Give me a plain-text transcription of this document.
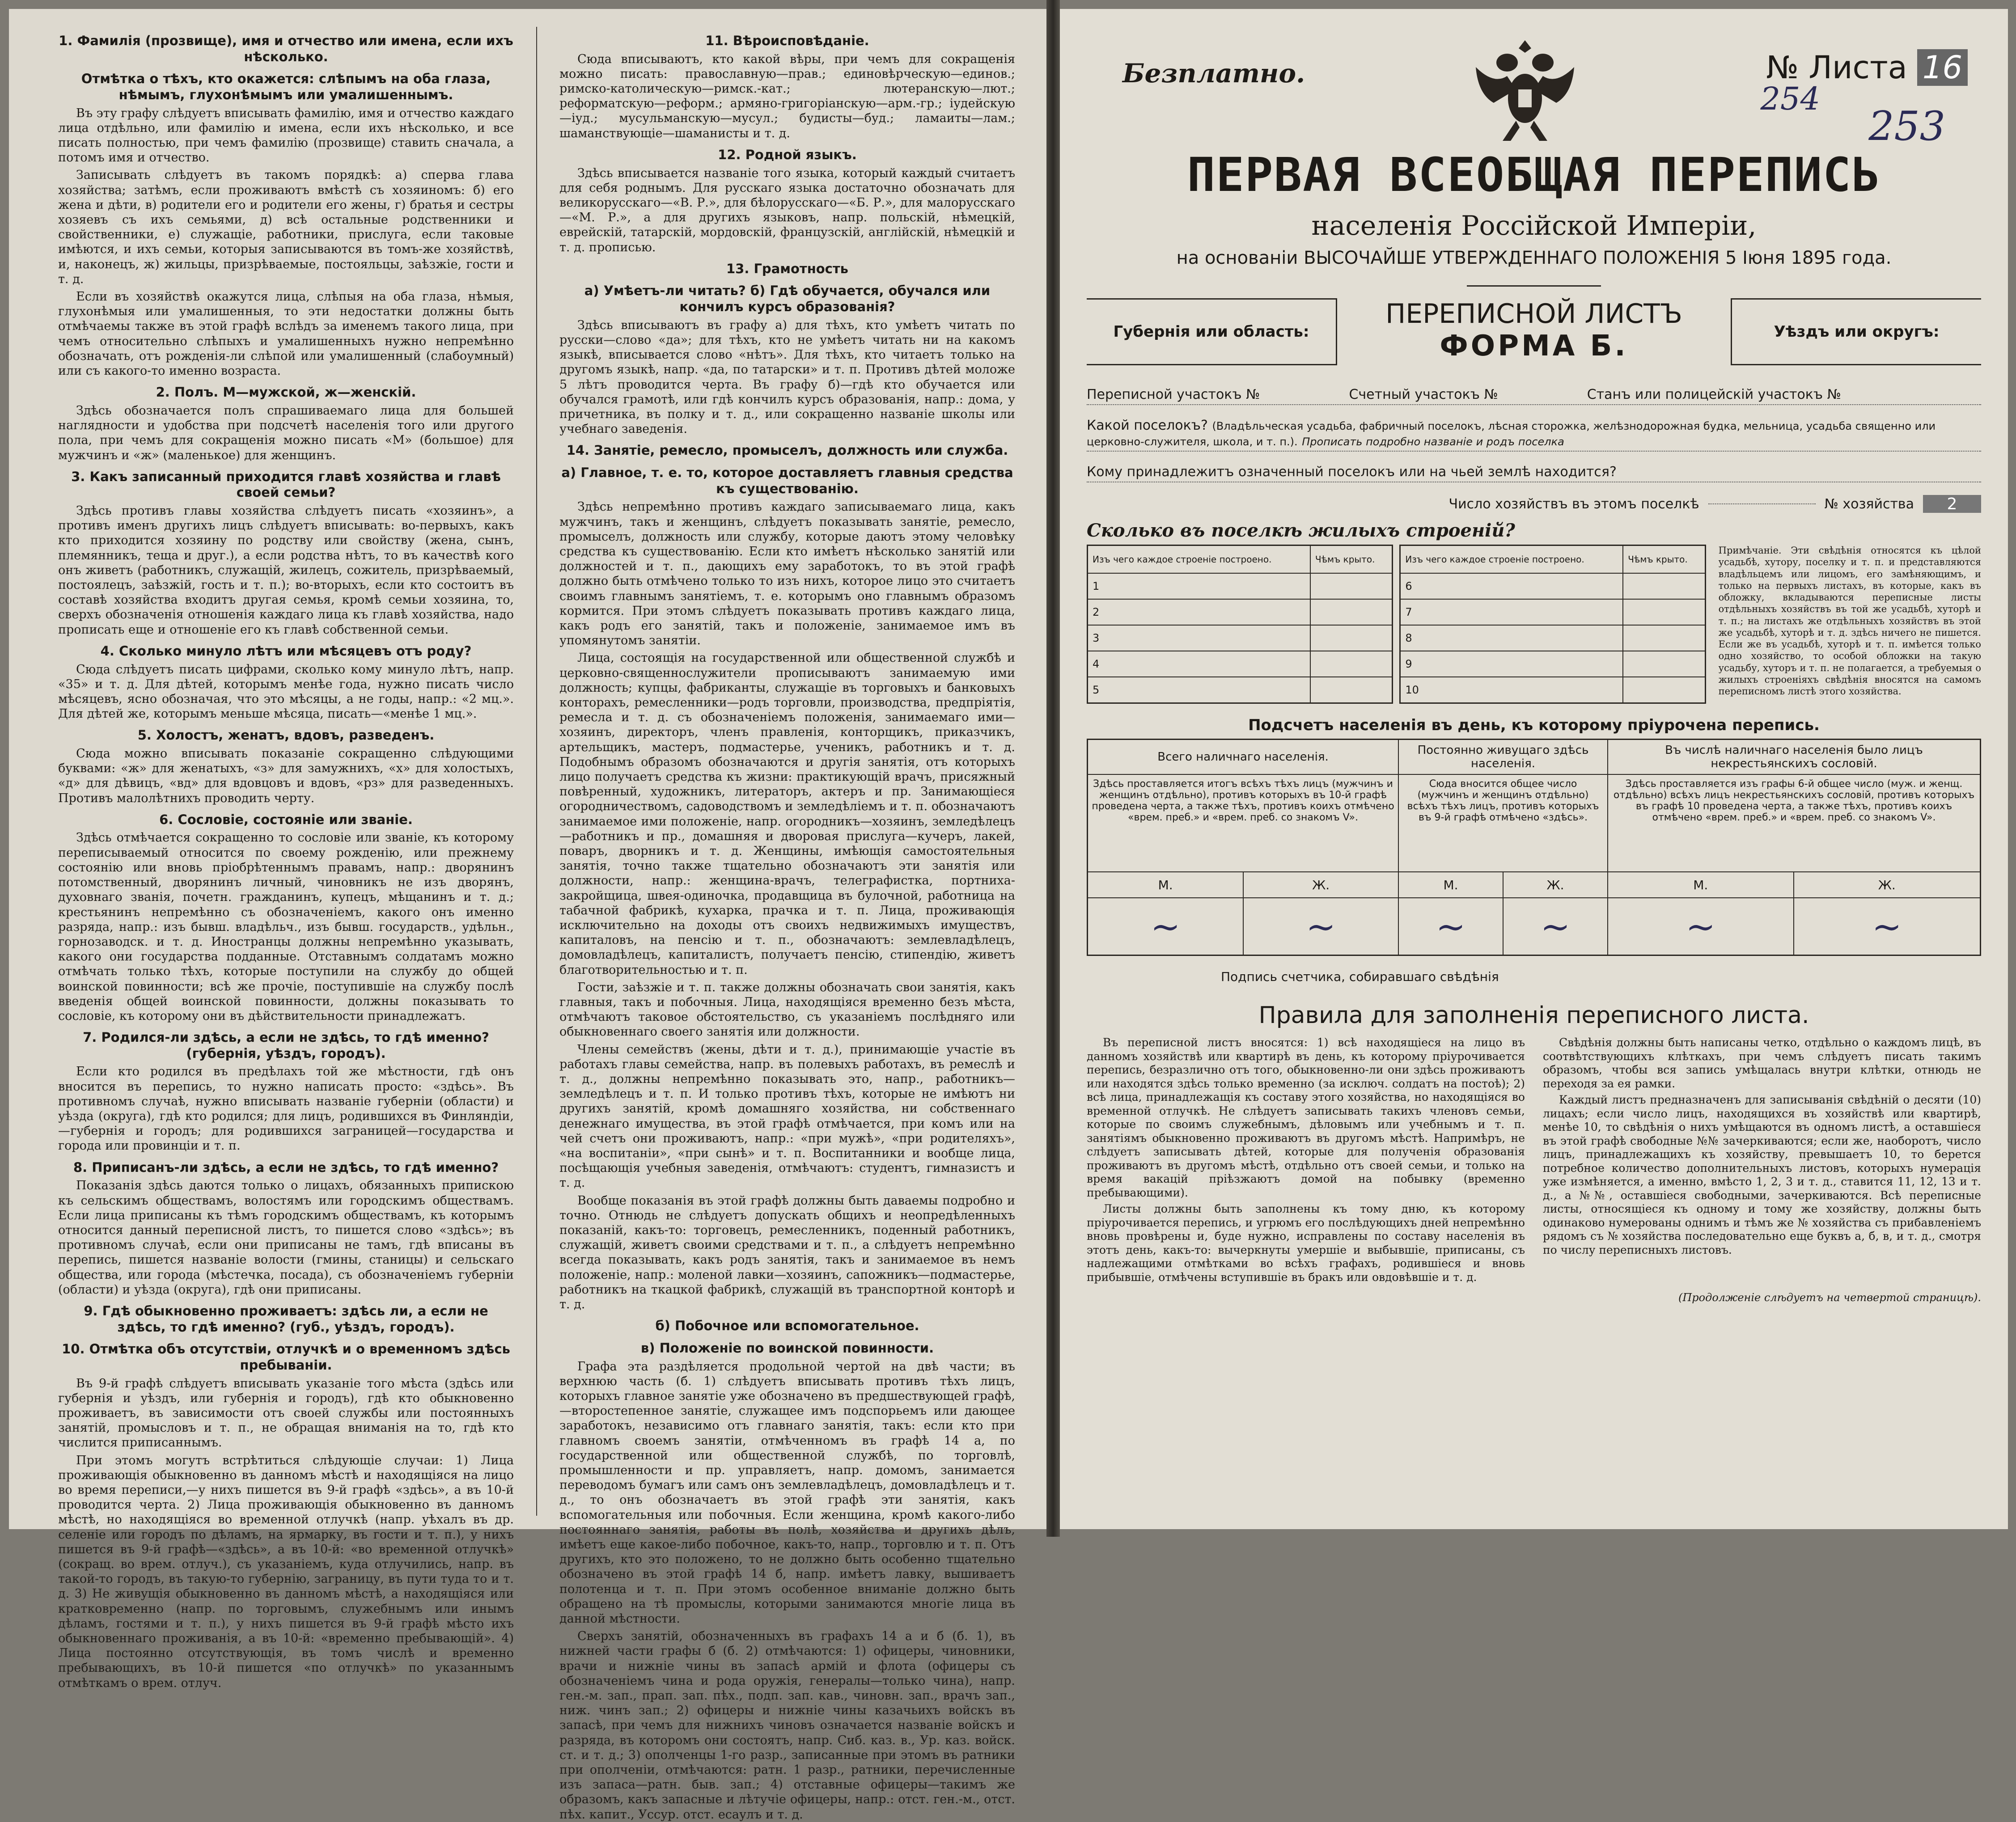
1. Фамилія (прозвище), имя и отчество или имена, если ихъ нѣсколько.
Отмѣтка о тѣхъ, кто окажется: слѣпымъ на оба глаза, нѣмымъ, глухонѣмымъ или умалишеннымъ.

Въ эту графу слѣдуетъ вписывать фамилію, имя и отчество каждаго лица отдѣльно, или фамилію и имена, если ихъ нѣсколько, и все писать полностью, при чемъ фамилію (прозвище) ставить сначала, а потомъ имя и отчество.

Записывать слѣдуетъ въ такомъ порядкѣ: а) сперва глава хозяйства; затѣмъ, если проживаютъ вмѣстѣ съ хозяиномъ: б) его жена и дѣти, в) родители его и родители его жены, г) братья и сестры хозяевъ съ ихъ семьями, д) всѣ остальные родственники и свойственники, е) служащіе, работники, прислуга, если таковые имѣются, и ихъ семьи, которыя записываются въ томъ-же хозяйствѣ, и, наконецъ, ж) жильцы, призрѣваемые, постояльцы, заѣзжіе, гости и т. д.

Если въ хозяйствѣ окажутся лица, слѣпыя на оба глаза, нѣмыя, глухонѣмыя или умалишенныя, то эти недостатки должны быть отмѣчаемы также въ этой графѣ вслѣдъ за именемъ такого лица, при чемъ относительно слѣпыхъ и умалишенныхъ нужно непремѣнно обозначать, отъ рожденія-ли слѣпой или умалишенный (слабоумный) или съ какого-то именно возраста.

2. Полъ. М—мужской, ж—женскій.

Здѣсь обозначается полъ спрашиваемаго лица для большей наглядности и удобства при подсчетѣ населенія того или другого пола, при чемъ для сокращенія можно писать «М» (большое) для мужчинъ и «ж» (маленькое) для женщинъ.

3. Какъ записанный приходится главѣ хозяйства и главѣ своей семьи?

Здѣсь противъ главы хозяйства слѣдуетъ писать «хозяинъ», а противъ именъ другихъ лицъ слѣдуетъ вписывать: во-первыхъ, какъ кто приходится хозяину по родству или свойству (жена, сынъ, племянникъ, теща и друг.), а если родства нѣтъ, то въ качествѣ кого онъ живетъ (работникъ, служащій, жилецъ, сожитель, призрѣваемый, постоялецъ, заѣзжій, гость и т. п.); во-вторыхъ, если кто состоитъ въ составѣ хозяйства входитъ другая семья, кромѣ семьи хозяина, то, сверхъ обозначенія отношенія каждаго лица къ главѣ хозяйства, надо прописать еще и отношеніе его къ главѣ собственной семьи.

4. Сколько минуло лѣтъ или мѣсяцевъ отъ роду?

Сюда слѣдуетъ писать цифрами, сколько кому минуло лѣтъ, напр. «35» и т. д. Для дѣтей, которымъ менѣе года, нужно писать число мѣсяцевъ, ясно обозначая, что это мѣсяцы, а не годы, напр.: «2 мц.». Для дѣтей же, которымъ меньше мѣсяца, писать—«менѣе 1 мц.».

5. Холостъ, женатъ, вдовъ, разведенъ.

Сюда можно вписывать показаніе сокращенно слѣдующими буквами: «ж» для женатыхъ, «з» для замужнихъ, «х» для холостыхъ, «д» для дѣвицъ, «вд» для вдовцовъ и вдовъ, «рз» для разведенныхъ. Противъ малолѣтнихъ проводить черту.

6. Сословіе, состояніе или званіе.

Здѣсь отмѣчается сокращенно то сословіе или званіе, къ которому переписываемый относится по своему рожденію, или прежнему состоянію или вновь пріобрѣтеннымъ правамъ, напр.: дворянинъ потомственный, дворянинъ личный, чиновникъ не изъ дворянъ, духовнаго званія, почетн. гражданинъ, купецъ, мѣщанинъ и т. д.; крестьянинъ непремѣнно съ обозначеніемъ, какого онъ именно разряда, напр.: изъ бывш. владѣльч., изъ бывш. государств., удѣльн., горнозаводск. и т. д. Иностранцы должны непремѣнно указывать, какого они государства подданные. Отставнымъ солдатамъ можно отмѣчать только тѣхъ, которые поступили на службу до общей воинской повинности; всѣ же прочіе, поступившіе на службу послѣ введенія общей воинской повинности, должны показывать то сословіе, къ которому они въ дѣйствительности принадлежатъ.

7. Родился-ли здѣсь, а если не здѣсь, то гдѣ именно? (губернія, уѣздъ, городъ).

Если кто родился въ предѣлахъ той же мѣстности, гдѣ онъ вносится въ перепись, то нужно написать просто: «здѣсь». Въ противномъ случаѣ, нужно вписывать названіе губерніи (области) и уѣзда (округа), гдѣ кто родился; для лицъ, родившихся въ Финляндіи,—губернія и городъ; для родившихся заграницей—государства и города или провинціи и т. п.

8. Приписанъ-ли здѣсь, а если не здѣсь, то гдѣ именно?

Показанія здѣсь даются только о лицахъ, обязанныхъ припискою къ сельскимъ обществамъ, волостямъ или городскимъ обществамъ. Если лица приписаны къ тѣмъ городскимъ обществамъ, къ которымъ относится данный переписной листъ, то пишется слово «здѣсь»; въ противномъ случаѣ, если они приписаны не тамъ, гдѣ вписаны въ перепись, пишется названіе волости (гмины, станицы) и сельскаго общества, или города (мѣстечка, посада), съ обозначеніемъ губерніи (области) и уѣзда (округа), гдѣ они приписаны.

9. Гдѣ обыкновенно проживаетъ: здѣсь ли, а если не здѣсь, то гдѣ именно? (губ., уѣздъ, городъ).
10. Отмѣтка объ отсутствіи, отлучкѣ и о временномъ здѣсь пребываніи.

Въ 9-й графѣ слѣдуетъ вписывать указаніе того мѣста (здѣсь или губернія и уѣздъ, или губернія и городъ), гдѣ кто обыкновенно проживаетъ, въ зависимости отъ своей службы или постоянныхъ занятій, промысловъ и т. п., не обращая вниманія на то, гдѣ кто числится приписаннымъ.

При этомъ могутъ встрѣтиться слѣдующіе случаи: 1) Лица проживающія обыкновенно въ данномъ мѣстѣ и находящіяся на лицо во время переписи,—у нихъ пишется въ 9-й графѣ «здѣсь», а въ 10-й проводится черта. 2) Лица проживающія обыкновенно въ данномъ мѣстѣ, но находящіяся во временной отлучкѣ (напр. уѣхалъ въ др. селеніе или городъ по дѣламъ, на ярмарку, въ гости и т. п.), у нихъ пишется въ 9-й графѣ—«здѣсь», а въ 10-й: «во временной отлучкѣ» (сокращ. во врем. отлуч.), съ указаніемъ, куда отлучились, напр. въ такой-то городъ, въ такую-то губернію, заграницу, въ пути туда то и т. д. 3) Не живущія обыкновенно въ данномъ мѣстѣ, а находящіяся или кратковременно (напр. по торговымъ, служебнымъ или инымъ дѣламъ, гостями и т. п.), у нихъ пишется въ 9-й графѣ мѣсто ихъ обыкновеннаго проживанія, а въ 10-й: «временно пребывающій». 4) Лица постоянно отсутствующія, въ томъ числѣ и временно пребывающихъ, въ 10-й пишется «по отлучкѣ» по указаннымъ отмѣткамъ о врем. отлуч.

11. Вѣроисповѣданіе.

Сюда вписываютъ, кто какой вѣры, при чемъ для сокращенія можно писать: православную—прав.; единовѣрческую—единов.; римско-католическую—римск.-кат.; лютеранскую—лют.; реформатскую—реформ.; армяно-григоріанскую—арм.-гр.; іудейскую—іуд.; мусульманскую—мусул.; будисты—буд.; ламаиты—лам.; шаманствующіе—шаманисты и т. д.

12. Родной языкъ.

Здѣсь вписывается названіе того языка, который каждый считаетъ для себя роднымъ. Для русскаго языка достаточно обозначать для великорусскаго—«В. Р.», для бѣлорусскаго—«Б. Р.», для малорусскаго—«М. Р.», а для другихъ языковъ, напр. польскій, нѣмецкій, еврейскій, татарскій, мордовскій, французскій, англійскій, нѣмецкій и т. д. прописью.

13. Грамотность
а) Умѣетъ-ли читать? б) Гдѣ обучается, обучался или кончилъ курсъ образованія?

Здѣсь вписываютъ въ графу а) для тѣхъ, кто умѣетъ читать по русски—слово «да»; для тѣхъ, кто не умѣетъ читать ни на какомъ языкѣ, вписывается слово «нѣтъ». Для тѣхъ, кто читаетъ только на другомъ языкѣ, напр. «да, по татарски» и т. п. Противъ дѣтей моложе 5 лѣтъ проводится черта. Въ графу б)—гдѣ кто обучается или обучался грамотѣ, или гдѣ кончилъ курсъ образованія, напр.: дома, у причетника, въ полку и т. д., или сокращенно названіе школы или учебнаго заведенія.

14. Занятіе, ремесло, промыселъ, должность или служба.
а) Главное, т. е. то, которое доставляетъ главныя средства къ существованію.

Здѣсь непремѣнно противъ каждаго записываемаго лица, какъ мужчинъ, такъ и женщинъ, слѣдуетъ показывать занятіе, ремесло, промыселъ, должность или службу, которые даютъ этому человѣку средства къ существованію. Если кто имѣетъ нѣсколько занятій или должностей и т. п., дающихъ ему заработокъ, то въ этой графѣ должно быть отмѣчено только то изъ нихъ, которое лицо это считаетъ своимъ главнымъ занятіемъ, т. е. которымъ оно главнымъ образомъ кормится. При этомъ слѣдуетъ показывать противъ каждаго лица, какъ родъ его занятій, такъ и положеніе, занимаемое имъ въ упомянутомъ занятіи.

Лица, состоящія на государственной или общественной службѣ и церковно-священнослужители прописываютъ занимаемую ими должность; купцы, фабриканты, служащіе въ торговыхъ и банковыхъ конторахъ, ремесленники—родъ торговли, производства, предпріятія, ремесла и т. д. съ обозначеніемъ положенія, занимаемаго ими—хозяинъ, директоръ, членъ правленія, конторщикъ, приказчикъ, артельщикъ, мастеръ, подмастерье, ученикъ, работникъ и т. д. Подобнымъ образомъ обозначаются и другія занятія, отъ которыхъ лицо получаетъ средства къ жизни: практикующій врачъ, присяжный повѣренный, художникъ, литераторъ, актеръ и пр. Занимающіеся огородничествомъ, садоводствомъ и земледѣліемъ и т. п. обозначаютъ занимаемое ими положеніе, напр. огородникъ—хозяинъ, земледѣлецъ—работникъ и пр., домашняя и дворовая прислуга—кучеръ, лакей, поваръ, дворникъ и т. д. Женщины, имѣющія самостоятельныя занятія, точно также тщательно обозначаютъ эти занятія или должности, напр.: женщина-врачъ, телеграфистка, портниха-закройщица, швея-одиночка, продавщица въ булочной, работница на табачной фабрикѣ, кухарка, прачка и т. п. Лица, проживающія исключительно на доходы отъ своихъ недвижимыхъ имуществъ, капиталовъ, на пенсію и т. п., обозначаютъ: землевладѣлецъ, домовладѣлецъ, капиталистъ, получаетъ пенсію, стипендію, живетъ благотворительностью и т. п.

Гости, заѣзжіе и т. п. также должны обозначать свои занятія, какъ главныя, такъ и побочныя. Лица, находящіяся временно безъ мѣста, отмѣчаютъ таковое обстоятельство, съ указаніемъ послѣдняго или обыкновеннаго своего занятія или должности.

Члены семействъ (жены, дѣти и т. д.), принимающіе участіе въ работахъ главы семейства, напр. въ полевыхъ работахъ, въ ремеслѣ и т. д., должны непремѣнно показывать это, напр., работникъ—земледѣлецъ и т. п. И только противъ тѣхъ, которые не имѣютъ ни другихъ занятій, кромѣ домашняго хозяйства, ни собственнаго денежнаго имущества, въ этой графѣ отмѣчается, при комъ или на чей счетъ они проживаютъ, напр.: «при мужѣ», «при родителяхъ», «на воспитаніи», «при сынѣ» и т. п. Воспитанники и вообще лица, посѣщающія учебныя заведенія, отмѣчаютъ: студентъ, гимназистъ и т. д.

Вообще показанія въ этой графѣ должны быть даваемы подробно и точно. Отнюдь не слѣдуетъ допускать общихъ и неопредѣленныхъ показаній, какъ-то: торговецъ, ремесленникъ, поденный работникъ, служащій, живетъ своими средствами и т. п., а слѣдуетъ непремѣнно всегда показывать, какъ родъ занятія, такъ и занимаемое въ немъ положеніе, напр.: моленой лавки—хозяинъ, сапожникъ—подмастерье, работникъ на ткацкой фабрикѣ, служащій въ транспортной конторѣ и т. д.

б) Побочное или вспомогательное.
в) Положеніе по воинской повинности.

Графа эта раздѣляется продольной чертой на двѣ части; въ верхнюю часть (б. 1) слѣдуетъ вписывать противъ тѣхъ лицъ, которыхъ главное занятіе уже обозначено въ предшествующей графѣ,—второстепенное занятіе, служащее имъ подспорьемъ или дающее заработокъ, независимо отъ главнаго занятія, такъ: если кто при главномъ своемъ занятіи, отмѣченномъ въ графѣ 14 а, по государственной или общественной службѣ, по торговлѣ, промышленности и пр. управляетъ, напр. домомъ, занимается переводомъ бумагъ или самъ онъ землевладѣлецъ, домовладѣлецъ и т. д., то онъ обозначаетъ въ этой графѣ эти занятія, какъ вспомогательныя или побочныя. Если женщина, кромѣ какого-либо постояннаго занятія, работы въ полѣ, хозяйства и другихъ дѣлъ, имѣетъ еще какое-либо побочное, какъ-то, напр., торговлю и т. п. Отъ другихъ, кто это положено, то не должно быть особенно тщательно обозначено въ этой графѣ 14 б, напр. имѣетъ лавку, вышиваетъ полотенца и т. п. При этомъ особенное вниманіе должно быть обращено на тѣ промыслы, которыми занимаются многіе лица въ данной мѣстности.

Сверхъ занятій, обозначенныхъ въ графахъ 14 а и б (б. 1), въ нижней части графы б (б. 2) отмѣчаются: 1) офицеры, чиновники, врачи и нижніе чины въ запасѣ армій и флота (офицеры съ обозначеніемъ чина и рода оружія, генералы—только чина), напр. ген.-м. зап., прап. зап. пѣх., подп. зап. кав., чиновн. зап., врачъ зап., ниж. чинъ зап.; 2) офицеры и нижніе чины казачьихъ войскъ въ запасѣ, при чемъ для нижнихъ чиновъ означается названіе войскъ и разряда, въ которомъ они состоятъ, напр. Сиб. каз. в., Ур. каз. войск. ст. и т. д.; 3) ополченцы 1-го разр., записанные при этомъ въ ратники при ополченіи, отмѣчаются: ратн. 1 разр., ратники, перечисленные изъ запаса—ратн. быв. зап.; 4) отставные офицеры—такимъ же образомъ, какъ запасные и лѣтучіе офицеры, напр.: отст. ген.-м., отст. пѣх. капит., Уссур. отст. есаулъ и т. д.

Безплатно.	№ Листа 16
254
253
ПЕРВАЯ ВСЕОБЩАЯ ПЕРЕПИСЬ
населенія Россійской Имперіи,
на основаніи ВЫСОЧАЙШЕ УТВЕРЖДЕННАГО ПОЛОЖЕНІЯ 5 Іюня 1895 года.
Губернія или область:
ПЕРЕПИСНОЙ ЛИСТЪ
ФОРМА Б.	Уѣздъ или округъ:
Переписной участокъ №	Счетный участокъ №	Станъ или полицейскій участокъ №
Какой поселокъ? (Владѣльческая усадьба, фабричный поселокъ, лѣсная сторожка, желѣзнодорожная будка, мельница, усадьба священно или церковно-служителя, школа, и т. п.). Прописать подробно названіе и родъ поселка
Кому принадлежитъ означенный поселокъ или на чьей землѣ находится?
Число хозяйствъ въ этомъ поселкѣ	№ хозяйства	2
Сколько въ поселкѣ жилыхъ строеній?
Изъ чего каждое строеніе построено.	Чѣмъ крыто.
1	
2	
3	
4	
5	
Изъ чего каждое строеніе построено.	Чѣмъ крыто.
6	
7	
8	
9	
10	
Примѣчаніе. Эти свѣдѣнія относятся къ цѣлой усадьбѣ, хутору, поселку и т. п. и представляются владѣльцемъ или лицомъ, его замѣняющимъ, и только на первыхъ листахъ, въ которые, какъ въ обложку, вкладываются переписные листы отдѣльныхъ хозяйствъ въ той же усадьбѣ, хуторѣ и т. п.; на листахъ же отдѣльныхъ хозяйствъ въ этой же усадьбѣ, хуторѣ и т. д. здѣсь ничего не пишется. Если же въ усадьбѣ, хуторѣ и т. п. имѣется только одно хозяйство, то особой обложки на такую усадьбу, хуторъ и т. п. не полагается, а требуемыя о жилыхъ строеніяхъ свѣдѣнія вносятся на самомъ переписномъ листѣ этого хозяйства.
Подсчетъ населенія въ день, къ которому пріурочена перепись.
Всего наличнаго населенія.		Постоянно живущаго здѣсь населенія.		Въ числѣ наличнаго населенія было лицъ некрестьянскихъ сословій.	
Здѣсь проставляется итогъ всѣхъ тѣхъ лицъ (мужчинъ и женщинъ отдѣльно), противъ которыхъ въ 10-й графѣ проведена черта, а также тѣхъ, противъ коихъ отмѣчено «врем. преб.» и «врем. преб. со знакомъ V».		Сюда вносится общее число (мужчинъ и женщинъ отдѣльно) всѣхъ тѣхъ лицъ, противъ которыхъ въ 9-й графѣ отмѣчено «здѣсь».		Здѣсь проставляется изъ графы 6-й общее число (муж. и женщ. отдѣльно) всѣхъ лицъ некрестьянскихъ сословій, противъ которыхъ въ графѣ 10 проведена черта, а также тѣхъ, противъ коихъ отмѣчено «врем. преб.» и «врем. преб. со знакомъ V».	
М.	Ж.	М.	Ж.	М.	Ж.
~	~	~	~	~	~
Подпись счетчика, собиравшаго свѣдѣнія
Правила для заполненія переписного листа.

Въ переписной листъ вносятся: 1) всѣ находящіеся на лицо въ данномъ хозяйствѣ или квартирѣ въ день, къ которому пріурочивается перепись, безразлично отъ того, обыкновенно-ли они здѣсь проживаютъ или находятся здѣсь только временно (за исключ. солдатъ на постоѣ); 2) всѣ лица, принадлежащія къ составу этого хозяйства, но находящіяся во временной отлучкѣ. Не слѣдуетъ записывать такихъ членовъ семьи, которые по своимъ служебнымъ, дѣловымъ или учебнымъ и т. п. занятіямъ обыкновенно проживаютъ въ другомъ мѣстѣ. Напримѣръ, не слѣдуетъ записывать дѣтей, которые для полученія образованія проживаютъ въ другомъ мѣстѣ, отдѣльно отъ своей семьи, и только на время вакацій пріѣзжаютъ домой на побывку (временно пребывающими).

Листы должны быть заполнены къ тому дню, къ которому пріурочивается перепись, и угрюмъ его послѣдующихъ дней непремѣнно вновь провѣрены и, буде нужно, исправлены по составу населенія въ этотъ день, какъ-то: вычеркнуты умершіе и выбывшіе, приписаны, съ надлежащими отмѣтками во всѣхъ графахъ, родившіеся и вновь прибывшіе, отмѣчены вступившіе въ бракъ или овдовѣвшіе и т. д.

Свѣдѣнія должны быть написаны четко, отдѣльно о каждомъ лицѣ, въ соотвѣтствующихъ клѣткахъ, при чемъ слѣдуетъ писать такимъ образомъ, чтобы вся запись умѣщалась внутри клѣтки, отнюдь не переходя за ея рамки.

Каждый листъ предназначенъ для записыванія свѣдѣній о десяти (10) лицахъ; если число лицъ, находящихся въ хозяйствѣ или квартирѣ, менѣе 10, то свѣдѣнія о нихъ умѣщаются въ одномъ листѣ, а оставшіеся въ этой графѣ свободные №№ зачеркиваются; если же, наоборотъ, число лицъ, принадлежащихъ къ хозяйству, превышаетъ 10, то берется потребное количество дополнительныхъ листовъ, которыхъ нумерація уже измѣняется, а именно, вмѣсто 1, 2, 3 и т. д., ставится 11, 12, 13 и т. д., а №№, оставшіеся свободными, зачеркиваются. Всѣ переписные листы, относящіеся къ одному и тому же хозяйству, должны быть одинаково нумерованы однимъ и тѣмъ же № хозяйства съ прибавленіемъ рядомъ съ № хозяйства последовательно еще буквъ а, б, в, и т. д., смотря по числу переписныхъ листовъ.

(Продолженіе слѣдуетъ на четвертой страницѣ).
